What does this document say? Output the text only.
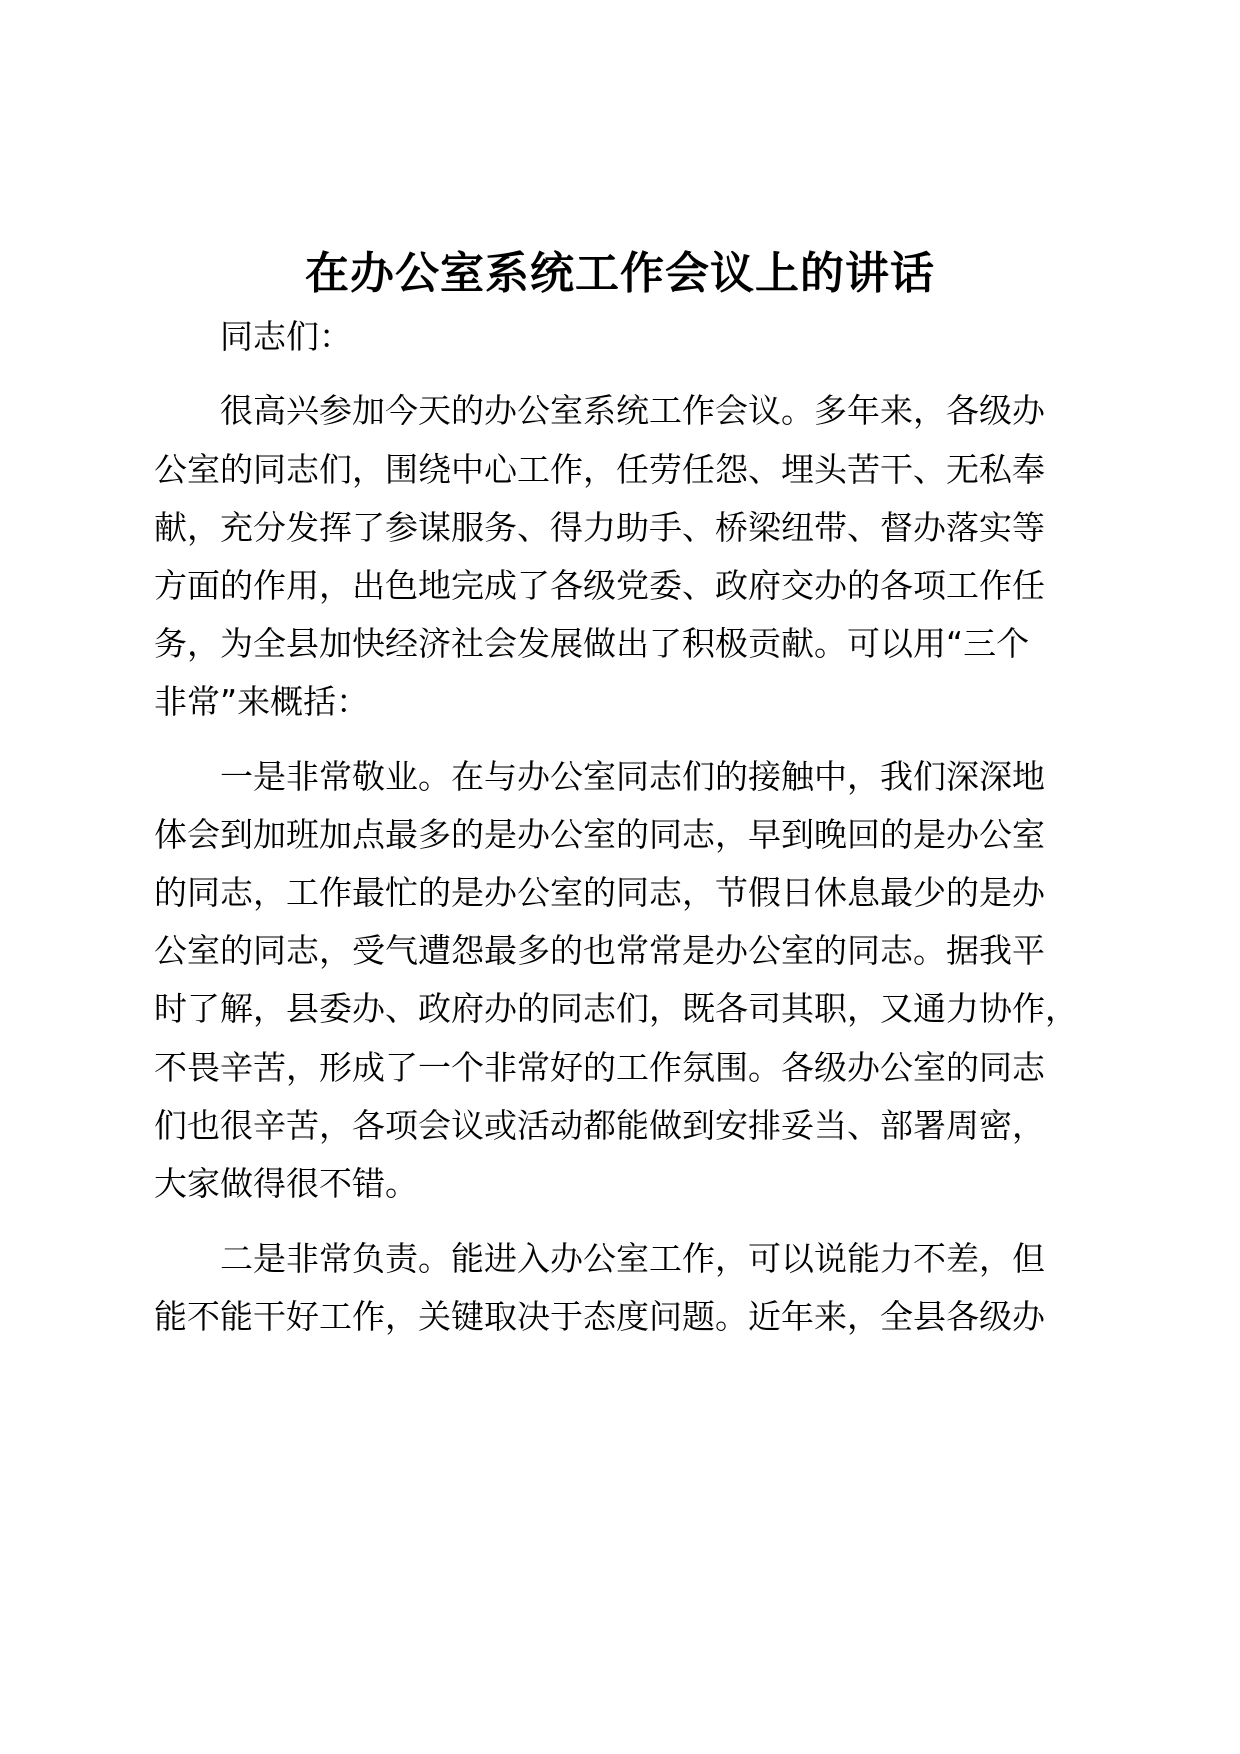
在办公室系统工作会议上的讲话

同志们：

很高兴参加今天的办公室系统工作会议。多年来，各级办

公室的同志们，围绕中心工作，任劳任怨、埋头苦干、无私奉

献，充分发挥了参谋服务、得力助手、桥梁纽带、督办落实等

方面的作用，出色地完成了各级党委、政府交办的各项工作任

务，为全县加快经济社会发展做出了积极贡献。可以用“三个

非常”来概括：

一是非常敬业。在与办公室同志们的接触中，我们深深地

体会到加班加点最多的是办公室的同志，早到晚回的是办公室

的同志，工作最忙的是办公室的同志，节假日休息最少的是办

公室的同志，受气遭怨最多的也常常是办公室的同志。据我平

时了解，县委办、政府办的同志们，既各司其职，又通力协作，

不畏辛苦，形成了一个非常好的工作氛围。各级办公室的同志

们也很辛苦，各项会议或活动都能做到安排妥当、部署周密，

大家做得很不错。

二是非常负责。能进入办公室工作，可以说能力不差，但

能不能干好工作，关键取决于态度问题。近年来，全县各级办
